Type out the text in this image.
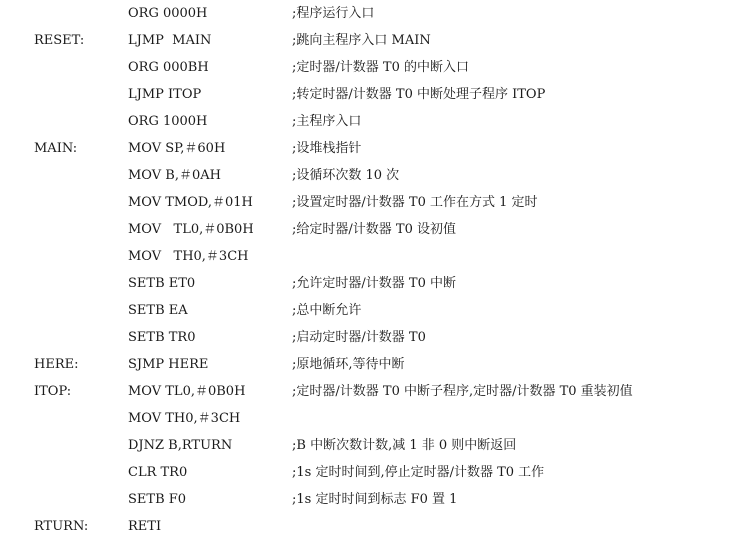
ORG 0000H	;程序运行入口
RESET:	LJMP  MAIN	;跳向主程序入口 MAIN
ORG 000BH	;定时器/计数器 T0 的中断入口
LJMP ITOP	;转定时器/计数器 T0 中断处理子程序 ITOP
ORG 1000H	;主程序入口
MAIN:	MOV SP,＃60H	;设堆栈指针
MOV B,＃0AH	;设循环次数 10 次
MOV TMOD,＃01H	;设置定时器/计数器 T0 工作在方式 1 定时
MOV   TL0,＃0B0H	;给定时器/计数器 T0 设初值
MOV   TH0,＃3CH
SETB ET0	;允许定时器/计数器 T0 中断
SETB EA	;总中断允许
SETB TR0	;启动定时器/计数器 T0
HERE:	SJMP HERE	;原地循环,等待中断
ITOP:	MOV TL0,＃0B0H	;定时器/计数器 T0 中断子程序,定时器/计数器 T0 重装初值
MOV TH0,＃3CH
DJNZ B,RTURN	;B 中断次数计数,减 1 非 0 则中断返回
CLR TR0	;1s 定时时间到,停止定时器/计数器 T0 工作
SETB F0	;1s 定时时间到标志 F0 置 1
RTURN:	RETI
